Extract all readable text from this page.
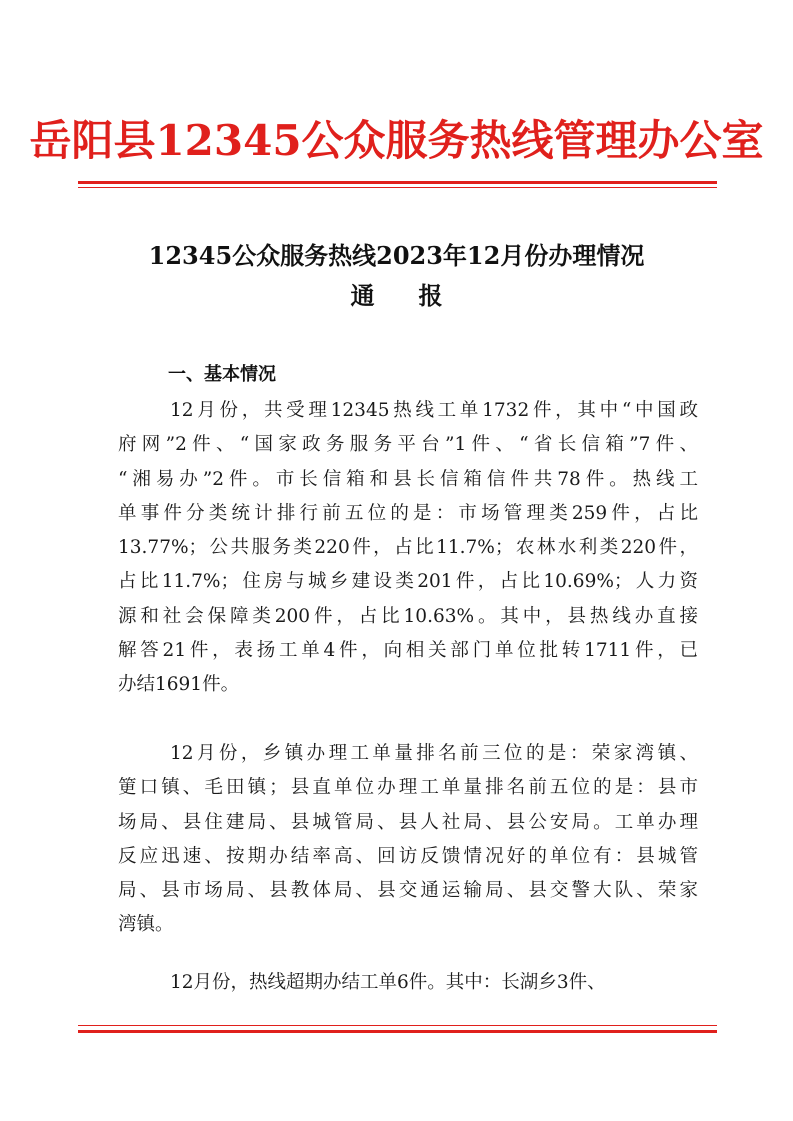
岳阳县12345公众服务热线管理办公室
12345公众服务热线2023年12月份办理情况
通报
一、基本情况
12月份，共受理12345热线工单1732件，其中“中国政
府网”2件、“国家政务服务平台”1件、“省长信箱”7件、
“湘易办”2件。市长信箱和县长信箱信件共78件。热线工
单事件分类统计排行前五位的是：市场管理类259件，占比
13.77%；公共服务类220件，占比11.7%；农林水利类220件，
占比11.7%；住房与城乡建设类201件，占比10.69%；人力资
源和社会保障类200件，占比10.63%。其中，县热线办直接
解答21件，表扬工单4件，向相关部门单位批转1711件，已
办结1691件。
12月份，乡镇办理工单量排名前三位的是：荣家湾镇、
筻口镇、毛田镇；县直单位办理工单量排名前五位的是：县市
场局、县住建局、县城管局、县人社局、县公安局。工单办理
反应迅速、按期办结率高、回访反馈情况好的单位有：县城管
局、县市场局、县教体局、县交通运输局、县交警大队、荣家
湾镇。
12月份，热线超期办结工单6件。其中：长湖乡3件、
